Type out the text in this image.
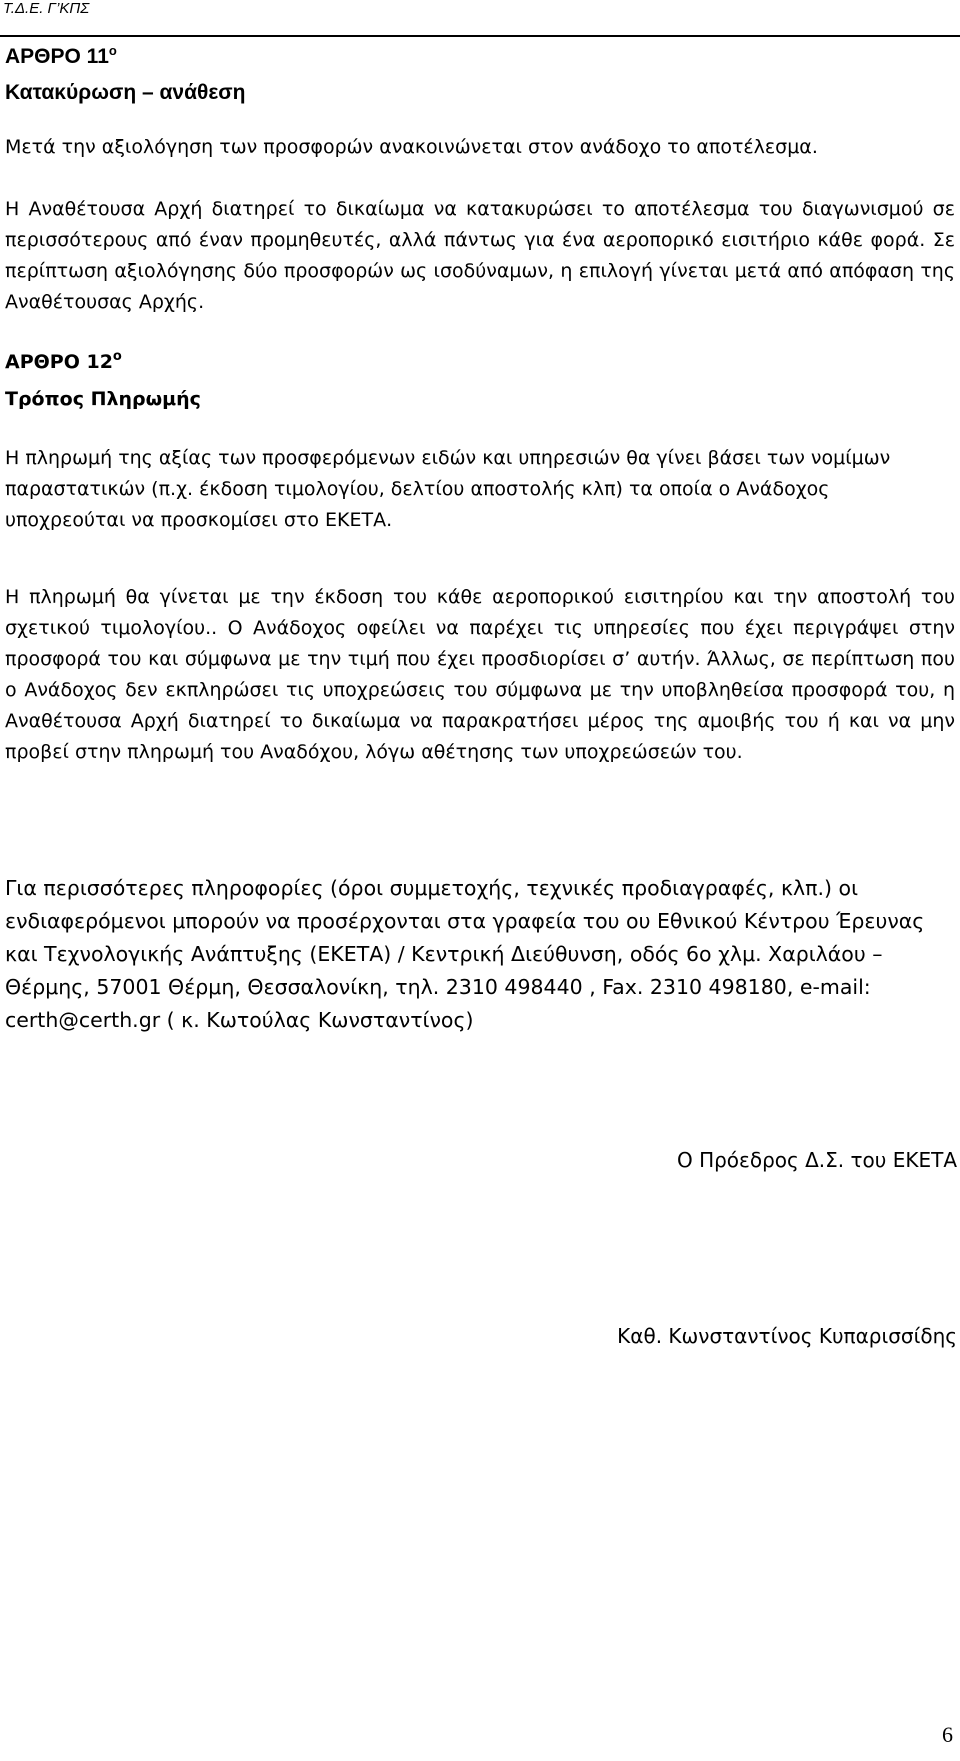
Τ.Δ.Ε. Γ’ΚΠΣ
ΑΡΘΡΟ $11^o$
Κατακύρωση – ανάθεση

Μετά την αξιολόγηση των προσφορών ανακοινώνεται στον ανάδοχο το αποτέλεσμα.

Η Αναθέτουσα Αρχή διατηρεί το δικαίωμα να κατακυρώσει το αποτέλεσμα του διαγωνισμού σε περισσότερους από έναν προμηθευτές, αλλά πάντως για ένα αεροπορικό εισιτήριο κάθε φορά. Σε περίπτωση αξιολόγησης δύο προσφορών ως ισοδύναμων, η επιλογή γίνεται μετά από απόφαση της Αναθέτουσας Αρχής.

ΑΡΘΡΟ $12^o$
Τρόπος Πληρωμής

Η πληρωμή της αξίας των προσφερόμενων ειδών και υπηρεσιών θα γίνει βάσει των νομίμων παραστατικών (π.χ. έκδοση τιμολογίου, δελτίου αποστολής κλπ) τα οποία ο Ανάδοχος υποχρεούται να προσκομίσει στο ΕΚΕΤΑ.

Η πληρωμή θα γίνεται με την έκδοση του κάθε αεροπορικού εισιτηρίου και την αποστολή του σχετικού τιμολογίου.. Ο Ανάδοχος οφείλει να παρέχει τις υπηρεσίες που έχει περιγράψει στην προσφορά του και σύμφωνα με την τιμή που έχει προσδιορίσει σ’ αυτήν. Άλλως, σε περίπτωση που ο Ανάδοχος δεν εκπληρώσει τις υποχρεώσεις του σύμφωνα με την υποβληθείσα προσφορά του, η Αναθέτουσα Αρχή διατηρεί το δικαίωμα να παρακρατήσει μέρος της αμοιβής του ή και να μην προβεί στην πληρωμή του Αναδόχου, λόγω αθέτησης των υποχρεώσεών του.

Για περισσότερες πληροφορίες (όροι συμμετοχής, τεχνικές προδιαγραφές, κλπ.) οι ενδιαφερόμενοι μπορούν να προσέρχονται στα γραφεία του ου Εθνικού Κέντρου Έρευνας και Τεχνολογικής Ανάπτυξης (ΕΚΕΤΑ) / Κεντρική Διεύθυνση, οδός 6ο χλμ. Χαριλάου – Θέρμης, 57001 Θέρμη, Θεσσαλονίκη, τηλ. 2310 498440 , Fax. 2310 498180, e-mail: certh@certh.gr ( κ. Κωτούλας Κωνσταντίνος)

Ο Πρόεδρος Δ.Σ. του ΕΚΕΤΑ
Καθ. Κωνσταντίνος Κυπαρισσίδης
6
